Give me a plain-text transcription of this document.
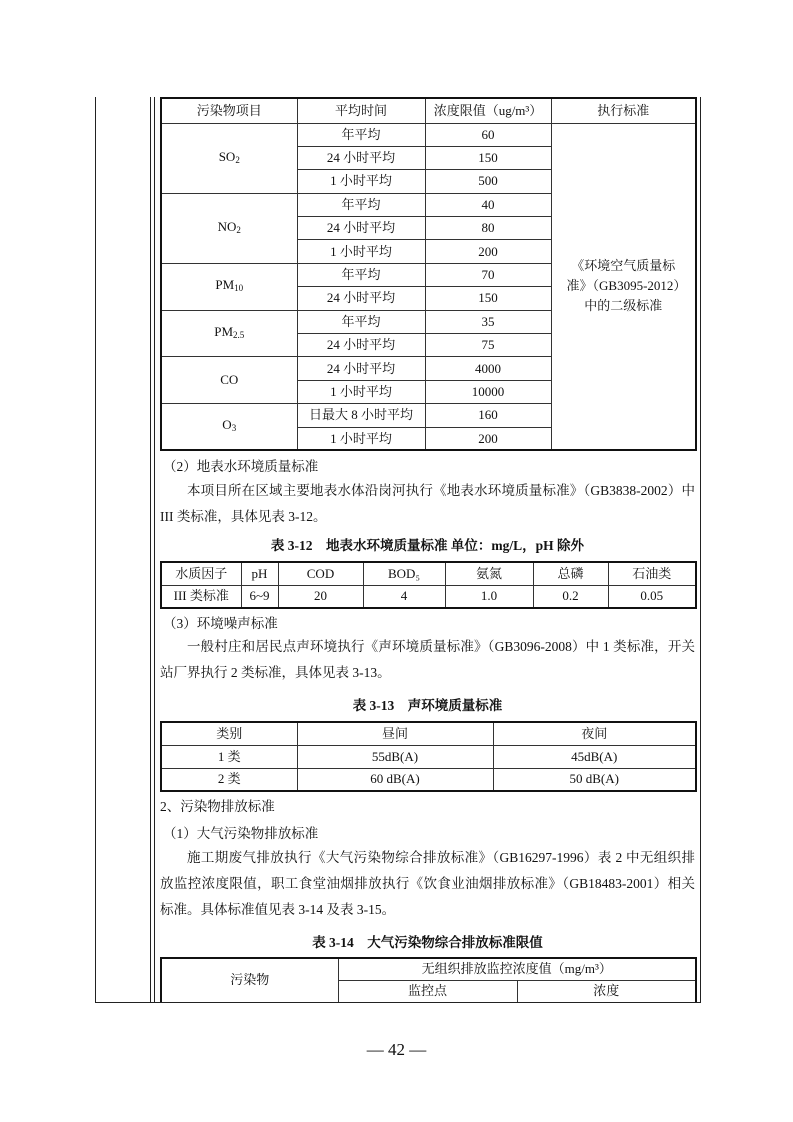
污染物项目	平均时间	浓度限值（ug/m³）	执行标准
$SO_2$	年平均	60	《环境空气质量标准》（GB3095-2012）中的二级标准
	24 小时平均	150	
	1 小时平均	500	
$NO_2$	年平均	40	
	24 小时平均	80	
	1 小时平均	200	
$PM_{10}$	年平均	70	
	24 小时平均	150	
$PM_{2.5}$	年平均	35	
	24 小时平均	75	
CO	24 小时平均	4000	
	1 小时平均	10000	
$O_3$	日最大 8 小时平均	160	
	1 小时平均	200	
（2）地表水环境质量标准
本项目所在区域主要地表水体沿岗河执行《地表水环境质量标准》（GB3838-2002）中 III 类标准，具体见表 3-12。
表 3-12　地表水环境质量标准 单位：mg/L，pH 除外
水质因子	pH	COD	BOD₅	氨氮	总磷	石油类
III 类标准	6~9	20	4	1.0	0.2	0.05
（3）环境噪声标准
一般村庄和居民点声环境执行《声环境质量标准》（GB3096-2008）中 1 类标准，开关站厂界执行 2 类标准，具体见表 3-13。
表 3-13　声环境质量标准
类别	昼间	夜间
1 类	55dB(A)	45dB(A)
2 类	60 dB(A)	50 dB(A)
2、污染物排放标准
（1）大气污染物排放标准
施工期废气排放执行《大气污染物综合排放标准》（GB16297-1996）表 2 中无组织排放监控浓度限值，职工食堂油烟排放执行《饮食业油烟排放标准》（GB18483-2001）相关标准。具体标准值见表 3-14 及表 3-15。
表 3-14　大气污染物综合排放标准限值
污染物	无组织排放监控浓度值（mg/m³）	
	监控点	浓度
— 42 —
